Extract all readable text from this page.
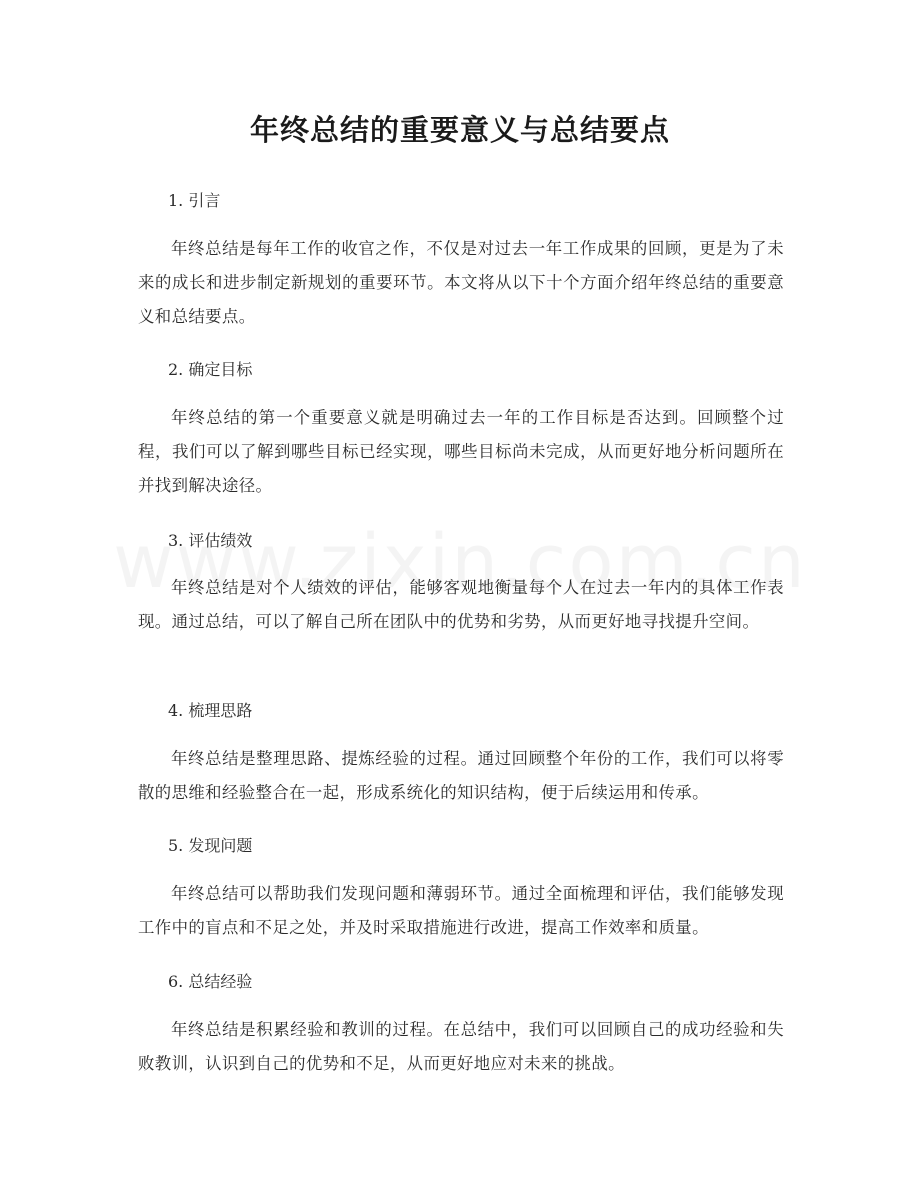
年终总结的重要意义与总结要点
1. 引言

年终总结是每年工作的收官之作，不仅是对过去一年工作成果的回顾，更是为了未来的成长和进步制定新规划的重要环节。本文将从以下十个方面介绍年终总结的重要意义和总结要点。

2. 确定目标

年终总结的第一个重要意义就是明确过去一年的工作目标是否达到。回顾整个过程，我们可以了解到哪些目标已经实现，哪些目标尚未完成，从而更好地分析问题所在并找到解决途径。

3. 评估绩效

年终总结是对个人绩效的评估，能够客观地衡量每个人在过去一年内的具体工作表现。通过总结，可以了解自己所在团队中的优势和劣势，从而更好地寻找提升空间。

4. 梳理思路

年终总结是整理思路、提炼经验的过程。通过回顾整个年份的工作，我们可以将零散的思维和经验整合在一起，形成系统化的知识结构，便于后续运用和传承。

5. 发现问题

年终总结可以帮助我们发现问题和薄弱环节。通过全面梳理和评估，我们能够发现工作中的盲点和不足之处，并及时采取措施进行改进，提高工作效率和质量。

6. 总结经验

年终总结是积累经验和教训的过程。在总结中，我们可以回顾自己的成功经验和失败教训，认识到自己的优势和不足，从而更好地应对未来的挑战。
